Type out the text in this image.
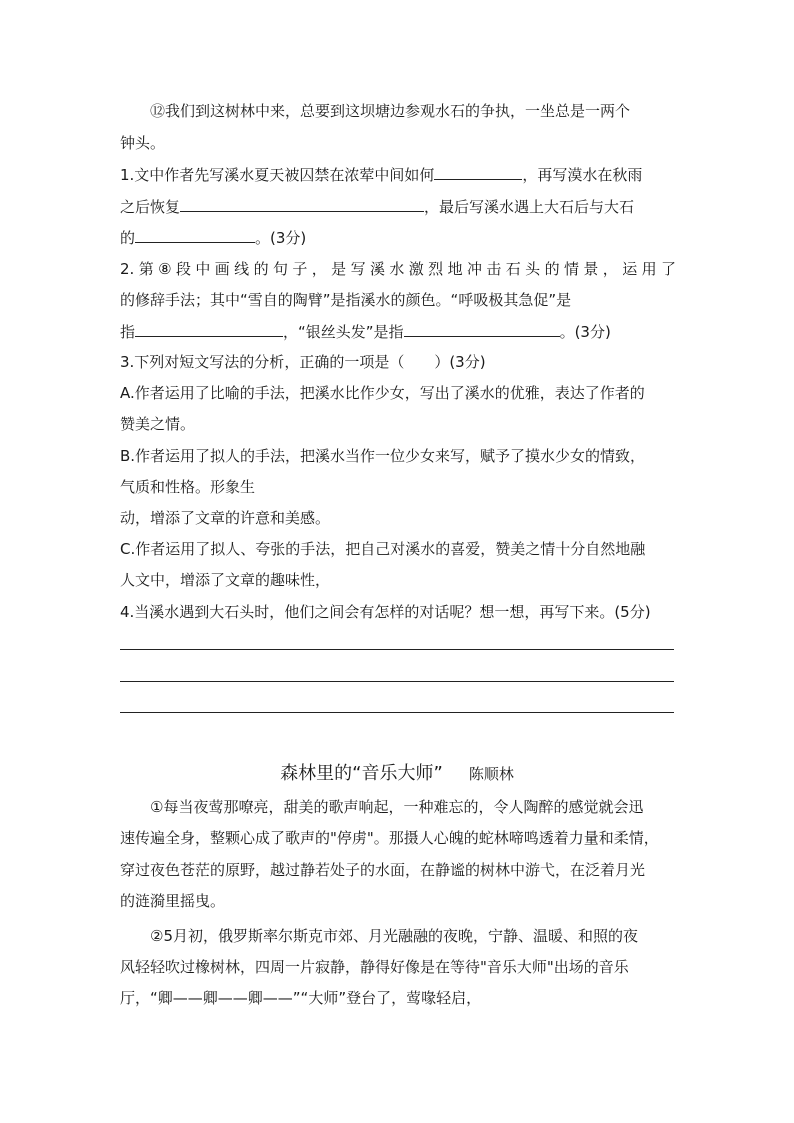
⑫我们到这树林中来，总要到这坝塘边参观水石的争执，一坐总是一两个
钟头。
1.文中作者先写溪水夏天被囚禁在浓荤中间如何	，再写漠水在秋雨
之后恢复	，最后写溪水遇上大石后与大石
的	。(3分)
2.第⑧段中画线的句子，是写溪水激烈地冲击石头的情景，运用了
的修辞手法；其中“雪自的陶臂”是指溪水的颜色。“呼吸极其急促”是
指	，“银丝头发”是指	。(3分)
3.下列对短文写法的分析，正确的一项是（　　）(3分)
A.作者运用了比喻的手法，把溪水比作少女，写出了溪水的优雅，表达了作者的
赞美之情。
B.作者运用了拟人的手法，把溪水当作一位少女来写，赋予了摸水少女的情致，
气质和性格。形象生
动，增添了文章的许意和美感。
C.作者运用了拟人、夸张的手法，把自己对溪水的喜爱，赞美之情十分自然地融
人文中，增添了文章的趣味性，
4.当溪水遇到大石头时，他们之间会有怎样的对话呢？想一想，再写下来。(5分)
森林里的“音乐大师” 陈顺林
①每当夜莺那嘹亮，甜美的歌声响起，一种难忘的，令人陶醉的感觉就会迅
速传遍全身，整颗心成了歌声的"停虏"。那摄人心魄的蛇林啼鸣透着力量和柔情，
穿过夜色苍茫的原野，越过静若处子的水面，在静谧的树林中游弋，在泛着月光
的涟漪里摇曳。
②5月初，俄罗斯率尔斯克市郊、月光融融的夜晚，宁静、温暖、和照的夜
风轻轻吹过橡树林，四周一片寂静，静得好像是在等待"音乐大师"出场的音乐
厅，“卿——卿——卿——”“大师”登台了，莺喙轻启，
